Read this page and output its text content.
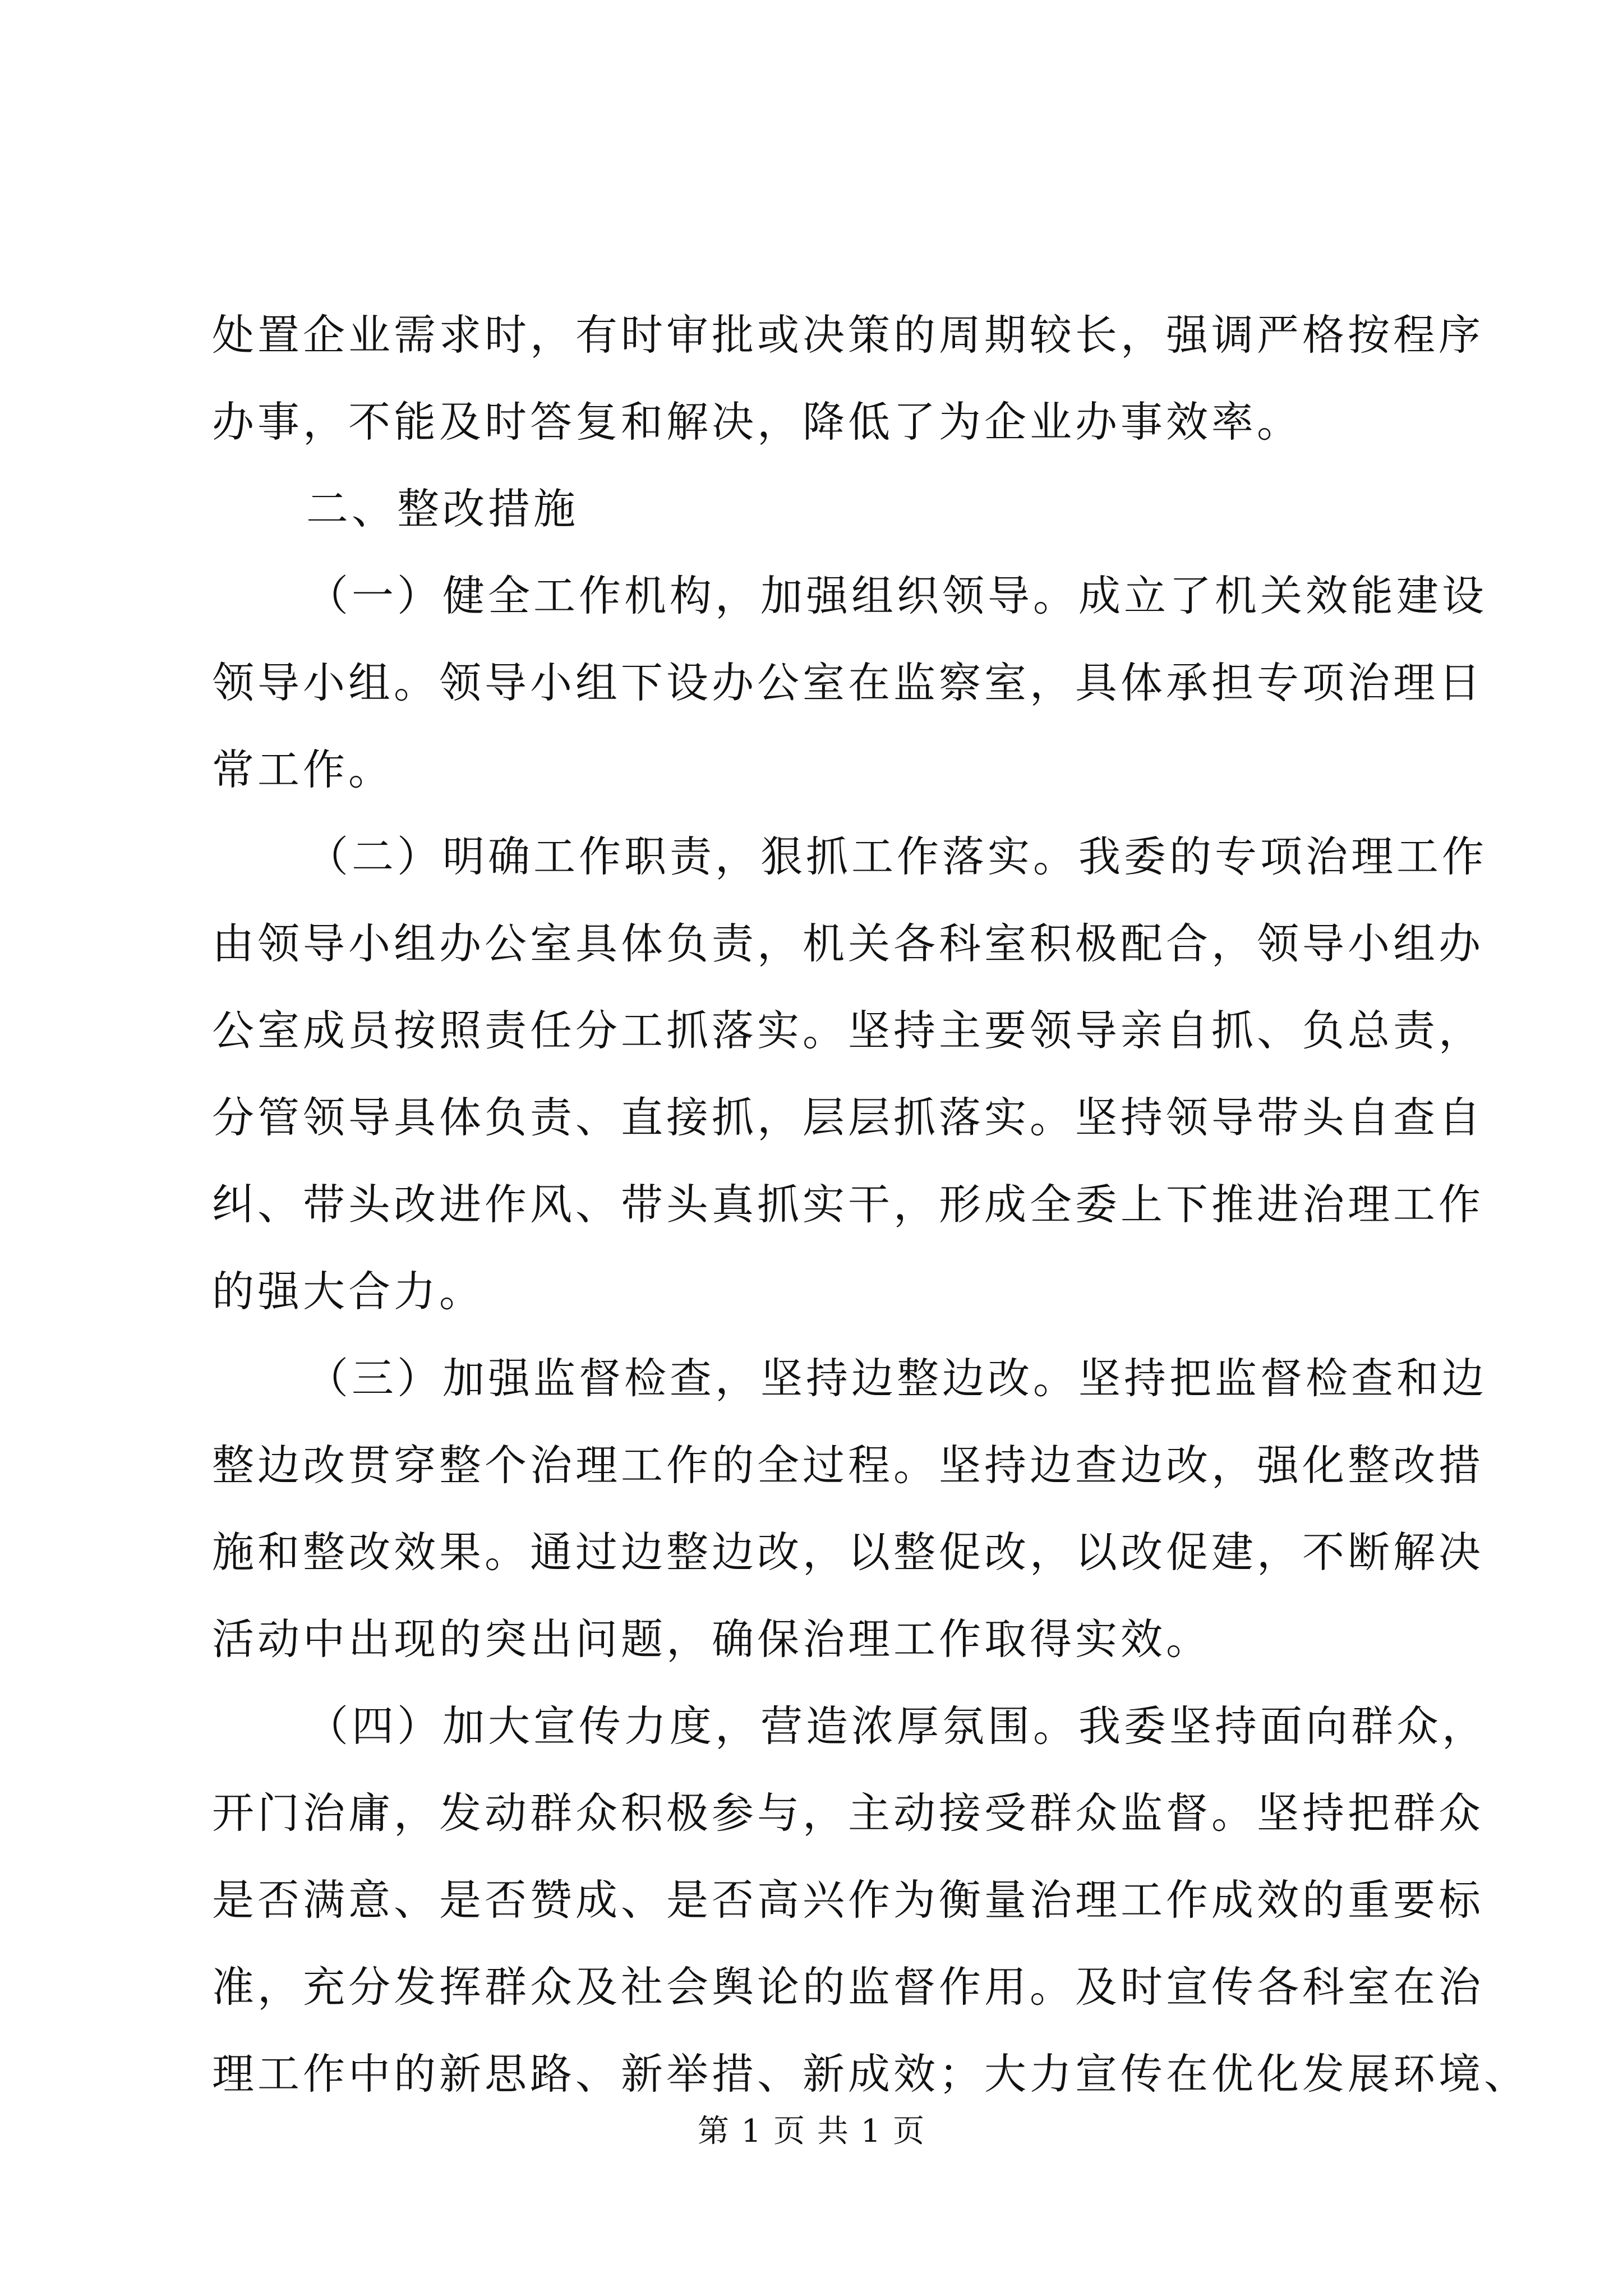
处置企业需求时，有时审批或决策的周期较长，强调严格按程序
办事，不能及时答复和解决，降低了为企业办事效率。
二、整改措施
（一）健全工作机构，加强组织领导。成立了机关效能建设
领导小组。领导小组下设办公室在监察室，具体承担专项治理日
常工作。
（二）明确工作职责，狠抓工作落实。我委的专项治理工作
由领导小组办公室具体负责，机关各科室积极配合，领导小组办
公室成员按照责任分工抓落实。坚持主要领导亲自抓、负总责，
分管领导具体负责、直接抓，层层抓落实。坚持领导带头自查自
纠、带头改进作风、带头真抓实干，形成全委上下推进治理工作
的强大合力。
（三）加强监督检查，坚持边整边改。坚持把监督检查和边
整边改贯穿整个治理工作的全过程。坚持边查边改，强化整改措
施和整改效果。通过边整边改，以整促改，以改促建，不断解决
活动中出现的突出问题，确保治理工作取得实效。
（四）加大宣传力度，营造浓厚氛围。我委坚持面向群众，
开门治庸，发动群众积极参与，主动接受群众监督。坚持把群众
是否满意、是否赞成、是否高兴作为衡量治理工作成效的重要标
准，充分发挥群众及社会舆论的监督作用。及时宣传各科室在治
理工作中的新思路、新举措、新成效；大力宣传在优化发展环境、
第 1 页 共 1 页
